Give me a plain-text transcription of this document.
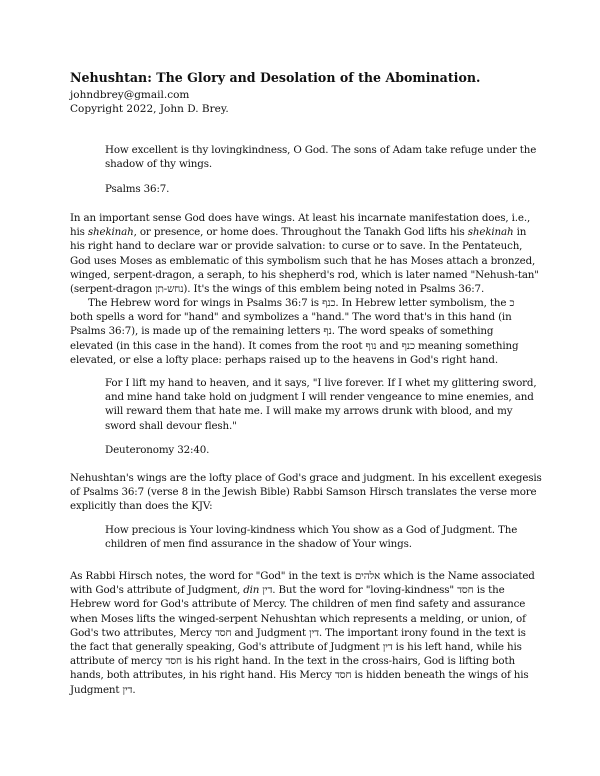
Nehushtan: The Glory and Desolation of the Abomination.
johndbrey@gmail.com
Copyright 2022, John D. Brey.
How excellent is thy lovingkindness, O God. The sons of Adam take refuge under the
shadow of thy wings.
Psalms 36:7.
In an important sense God does have wings. At least his incarnate manifestation does, i.e.,
his shekinah, or presence, or home does. Throughout the Tanakh God lifts his shekinah in
his right hand to declare war or provide salvation: to curse or to save. In the Pentateuch,
God uses Moses as emblematic of this symbolism such that he has Moses attach a bronzed,
winged, serpent-dragon, a seraph, to his shepherd's rod, which is later named "Nehush-tan"
(serpent-dragon נחש-תן). It's the wings of this emblem being noted in Psalms 36:7.
The Hebrew word for wings in Psalms 36:7 is כנף. In Hebrew letter symbolism, the כ
both spells a word for "hand" and symbolizes a "hand." The word that's in this hand (in
Psalms 36:7), is made up of the remaining letters נף. The word speaks of something
elevated (in this case in the hand). It comes from the root נוף and כנף meaning something
elevated, or else a lofty place: perhaps raised up to the heavens in God's right hand.
For I lift my hand to heaven, and it says, "I live forever. If I whet my glittering sword,
and mine hand take hold on judgment I will render vengeance to mine enemies, and
will reward them that hate me. I will make my arrows drunk with blood, and my
sword shall devour flesh."
Deuteronomy 32:40.
Nehushtan's wings are the lofty place of God's grace and judgment. In his excellent exegesis
of Psalms 36:7 (verse 8 in the Jewish Bible) Rabbi Samson Hirsch translates the verse more
explicitly than does the KJV:
How precious is Your loving-kindness which You show as a God of Judgment. The
children of men find assurance in the shadow of Your wings.
As Rabbi Hirsch notes, the word for "God" in the text is אלהים which is the Name associated
with God's attribute of Judgment, din דין. But the word for "loving-kindness" חסד is the
Hebrew word for God's attribute of Mercy. The children of men find safety and assurance
when Moses lifts the winged-serpent Nehushtan which represents a melding, or union, of
God's two attributes, Mercy חסד and Judgment דין. The important irony found in the text is
the fact that generally speaking, God's attribute of Judgment דין is his left hand, while his
attribute of mercy חסד is his right hand. In the text in the cross-hairs, God is lifting both
hands, both attributes, in his right hand. His Mercy חסד is hidden beneath the wings of his
Judgment דין.
